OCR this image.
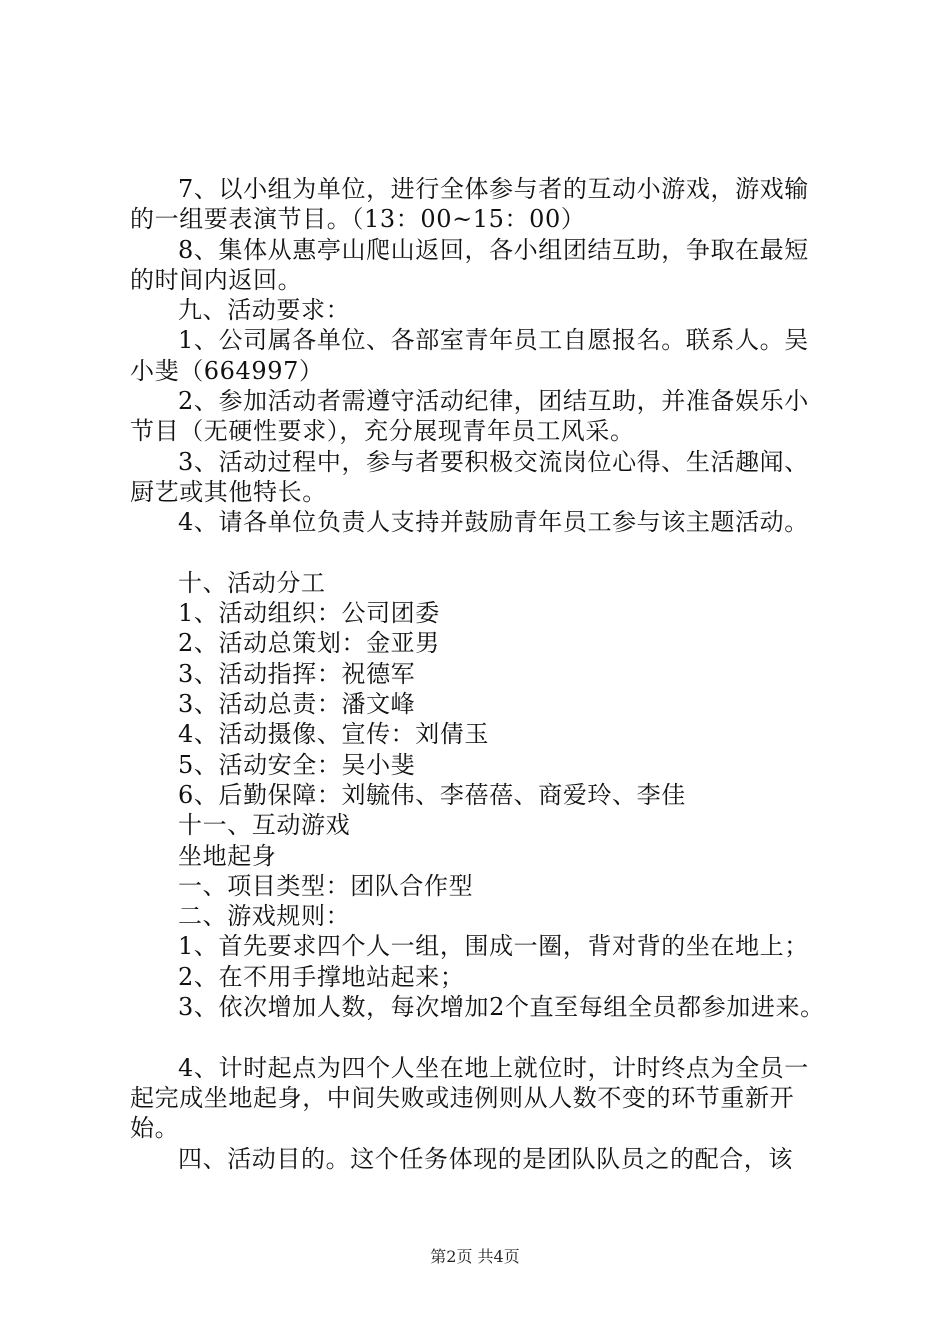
7、以小组为单位，进行全体参与者的互动小游戏，游戏输
的一组要表演节目。（13：00~15：00）
8、集体从惠亭山爬山返回，各小组团结互助，争取在最短
的时间内返回。
九、活动要求：
1、公司属各单位、各部室青年员工自愿报名。联系人。吴
小斐（664997）
2、参加活动者需遵守活动纪律，团结互助，并准备娱乐小
节目（无硬性要求），充分展现青年员工风采。
3、活动过程中，参与者要积极交流岗位心得、生活趣闻、
厨艺或其他特长。
4、请各单位负责人支持并鼓励青年员工参与该主题活动。
十、活动分工
1、活动组织：公司团委
2、活动总策划：金亚男
3、活动指挥：祝德军
3、活动总责：潘文峰
4、活动摄像、宣传：刘倩玉
5、活动安全：吴小斐
6、后勤保障：刘毓伟、李蓓蓓、商爱玲、李佳
十一、互动游戏
坐地起身
一、项目类型：团队合作型
二、游戏规则：
1、首先要求四个人一组，围成一圈，背对背的坐在地上；
2、在不用手撑地站起来；
3、依次增加人数，每次增加2个直至每组全员都参加进来。
4、计时起点为四个人坐在地上就位时，计时终点为全员一
起完成坐地起身，中间失败或违例则从人数不变的环节重新开
始。
四、活动目的。这个任务体现的是团队队员之的配合，该
第2页 共4页
